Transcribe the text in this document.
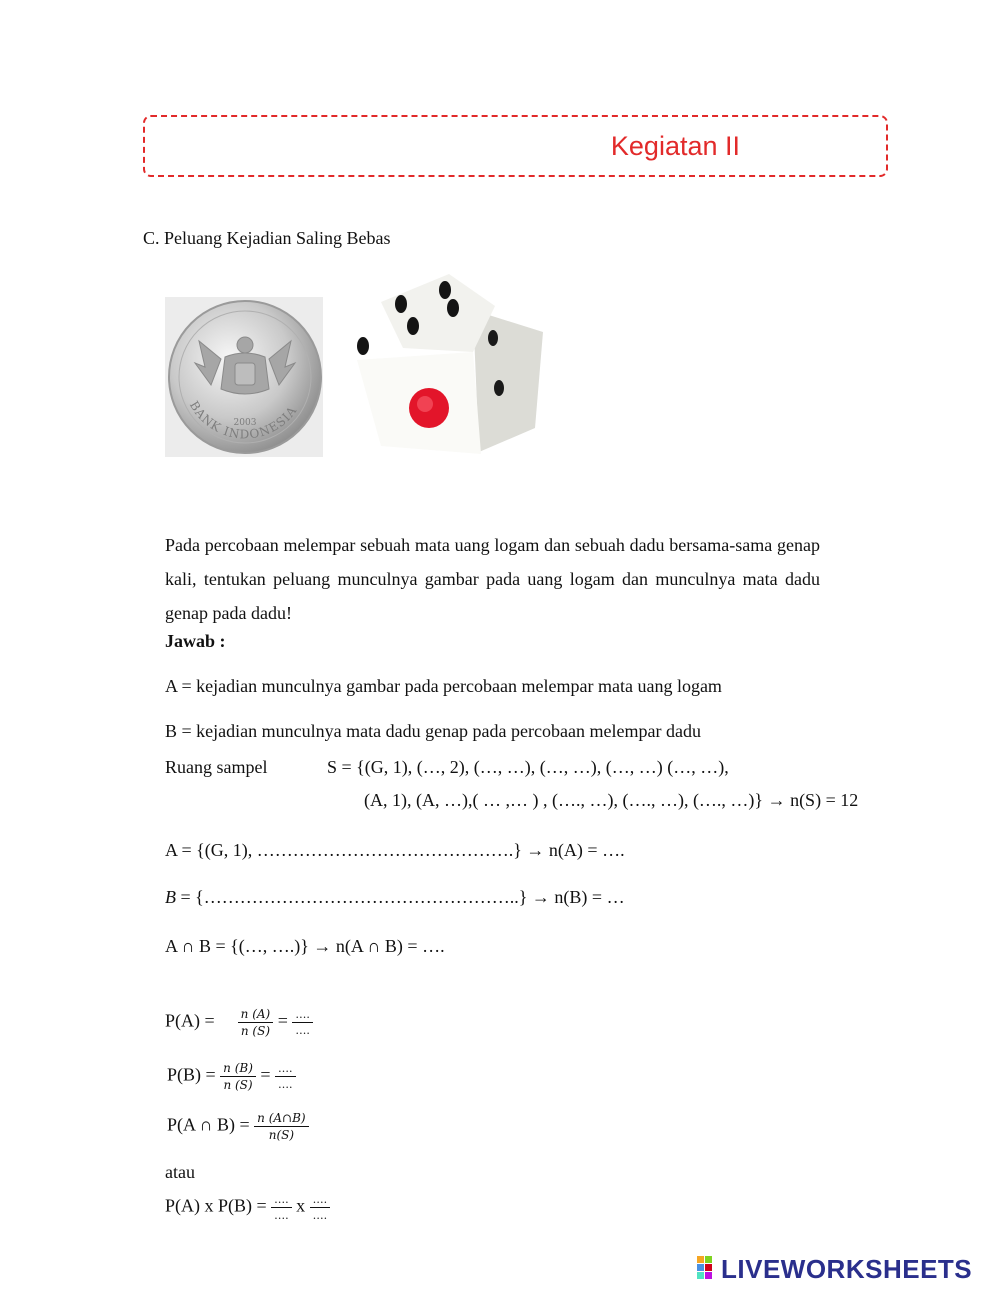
Kegiatan II
C. Peluang Kejadian Saling Bebas
2003
BANK INDONESIA
Pada percobaan melempar sebuah mata uang logam dan sebuah dadu bersama-sama genap kali, tentukan peluang munculnya gambar pada uang logam dan munculnya mata dadu genap pada dadu!
Jawab :
A = kejadian munculnya gambar pada percobaan melempar mata uang logam
B = kejadian munculnya mata dadu genap pada percobaan melempar dadu
Ruang sampel	S = {(G, 1), (…, 2), (…, …), (…, …), (…, …) (…, …),
(A, 1), (A, …),( … ,… ) , (…., …), (…., …), (…., …)} → n(S) = 12
A = {(G, 1), …………………………………….} → n(A) = ….
B = {……………………………………………..} → n(B) = …
A ∩ B = {(…, ….)} → n(A ∩ B) = ….
$P(A) = \frac{n (A)}{n (S)} = \frac{\dots.}{\dots.}$
$P(B) = \frac{n (B)}{n (S)} = \frac{\dots.}{\dots.}$
P(A ∩ $B) = \frac{n (A\cap B)}{n(S)}$
atau
P(A) x $P(B) = \frac{\dots.}{\dots.}$ x $\frac{\dots.}{\dots.}$
LIVEWORKSHEETS
